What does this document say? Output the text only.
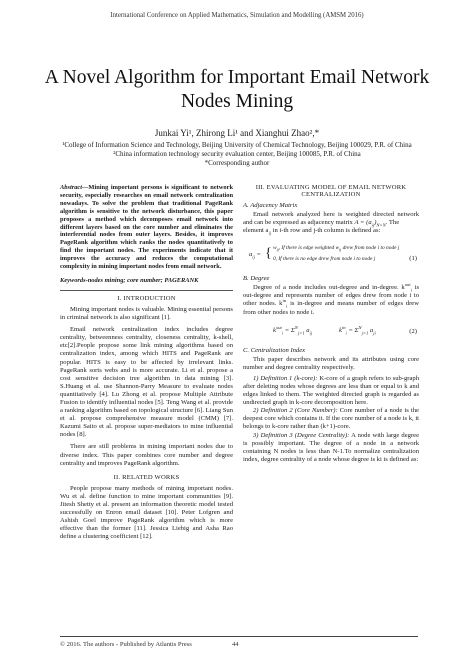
International Conference on Applied Mathematics, Simulation and Modelling (AMSM 2016)
A Novel Algorithm for Important Email Network Nodes Mining
Junkai Yi¹, Zhirong Li¹ and Xianghui Zhao²,*
¹College of Information Science and Technology, Beijing University of Chemical Technology, Beijing 100029, P.R. of China
²China information technology security evaluation center, Beijing 100085, P.R. of China
*Corresponding author

Abstract—Mining important persons is significant to network security, especially researches on email network centralization nowadays. To solve the problem that traditional PageRank algorithm is sensitive to the network disturbance, this paper proposes a method which decomposes email network into different layers based on the core number and eliminates the interferential nodes from outer layers. Besides, it improves PageRank algorithm which ranks the nodes quantitatively to find the important nodes. The experiments indicate that it improves the accuracy and reduces the computational complexity in mining important nodes from email network.

Keywords-nodes mining; core number; PAGERANK

I. INTRODUCTION

Mining important nodes is valuable. Mining essential persons in criminal network is also significant [1].

Email network centralization index includes degree centrality, betweenness centrality, closeness centrality, k-shell, etc[2].People propose some link mining algorithms based on centralization index, among which HITS and PageRank are popular. HITS is easy to be affected by irrelevant links. PageRank sorts webs and is more accurate. Li et al. propose a cost sensitive decision tree algorithm in data mining [3]. S.Huang et al. use Shannon-Parry Measure to evaluate nodes quantitatively [4]. Lu Zhong et al. propose Multiple Attribute Fusion to identify influential nodes [5]. Teng Wang et al. provide a ranking algorithm based on topological structure [6]. Liang Sun et al. propose comprehensive measure model (CMM) [7]. Kazumi Saito et al. propose super-mediators to mine influential nodes [8].

There are still problems in mining important nodes due to diverse index. This paper combines core number and degree centrality and improves PageRank algorithm.

II. RELATED WORKS

People propose many methods of mining important nodes. Wu et al. define function to mine important communities [9]. Jitesh Shetty et al. present an information theoretic model tested successfully on Enron email dataset [10]. Peter Lofgren and Ashish Goel improve PageRank algorithm which is more effective than the former [11]. Jessica Liebig and Asha Rao define a clustering coefficient [12].

III. EVALUATING MODEL OF EMAIL NETWORK

CENTRALIZATION

A. Adjacency Matrix

Email network analyzed here is weighted directed network and can be expressed as adjacency matrix $A = (a_{ij})_{N\times N}$. The

element $a_{ij}$ in i-th row and j-th column is defined as:

$a_{ij}$ = { $w_{ij}$, If there is edge weighted $w_{ij}$ drew from node i to node j
0, If there is no edge drew from node i to node j	(1)

B. Degree

Degree of a node includes out-degree and in-degree. $k^{out}_i$ is out-degree and represents number of edges drew from node i to other nodes. $k^{in}_i$ is in-degree and means number of edges drew from other nodes to node i.

$k^{out}_i = \Sigma^N_{j=1}$ $a_{ij}$	$k^{in}_i = \Sigma^N_{j=1}$ $a_{ji}$	(2)

C. Centralization Index

This paper describes network and its attributes using core number and degree centrality respectively.

1) Definition 1 (k-core): K-core of a graph refers to sub-graph after deleting nodes whose degrees are less than or equal to k and edges linked to them. The weighted directed graph is regarded as undirected graph in k-core decomposition here.

2) Definition 2 (Core Number): Core number of a node is the deepest core which contains it. If the core number of a node is k, it belongs to k-core rather than (k+1)-core.

3) Definition 3 (Degree Centrality): A node with large degree is possibly important. The degree of a node in a network containing N nodes is less than N-1.To normalize centralization index, degree centrality of a node whose degree is ki is defined as:

© 2016. The authors - Published by Atlantis Press	44
